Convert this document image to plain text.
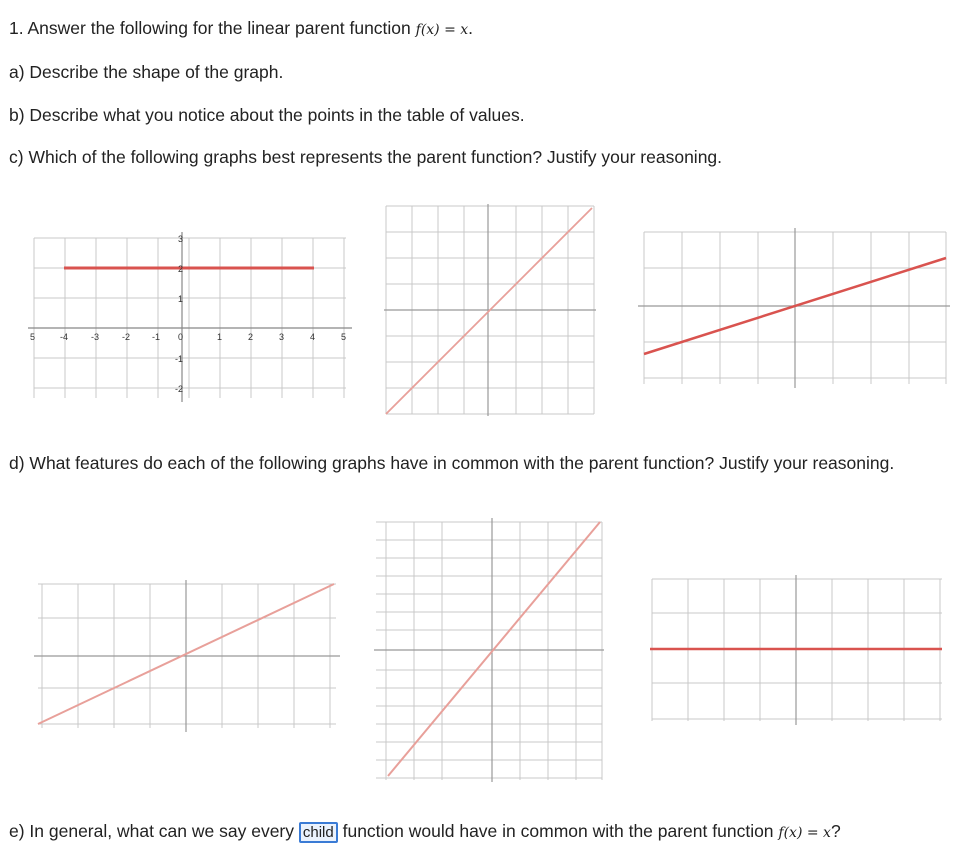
1. Answer the following for the linear parent function f(x) = x.
a) Describe the shape of the graph.
b) Describe what you notice about the points in the table of values.
c) Which of the following graphs best represents the parent function? Justify your reasoning.
5	-4	-3	-2 -1 0	1	2	3	4	5
3
2
1
-1
-2
d) What features do each of the following graphs have in common with the parent function? Justify your reasoning.
e) In general, what can we say every child function would have in common with the parent function f(x) = x?
